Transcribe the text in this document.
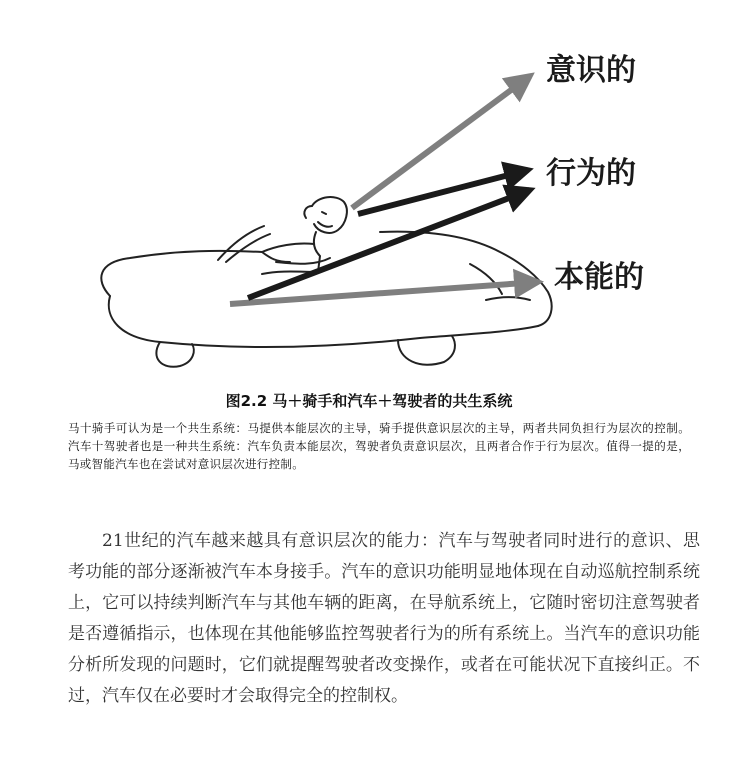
意识的
行为的
本能的
图2.2 马＋骑手和汽车＋驾驶者的共生系统
马十骑手可认为是一个共生系统：马提供本能层次的主导，骑手提供意识层次的主导，两者共同负担行为层次的控制。汽车十驾驶者也是一种共生系统：汽车负责本能层次，驾驶者负责意识层次，且两者合作于行为层次。值得一提的是，马或智能汽车也在尝试对意识层次进行控制。

21世纪的汽车越来越具有意识层次的能力：汽车与驾驶者同时进行的意识、思考功能的部分逐渐被汽车本身接手。汽车的意识功能明显地体现在自动巡航控制系统上，它可以持续判断汽车与其他车辆的距离，在导航系统上，它随时密切注意驾驶者是否遵循指示，也体现在其他能够监控驾驶者行为的所有系统上。当汽车的意识功能分析所发现的问题时，它们就提醒驾驶者改变操作，或者在可能状况下直接纠正。不过，汽车仅在必要时才会取得完全的控制权。
